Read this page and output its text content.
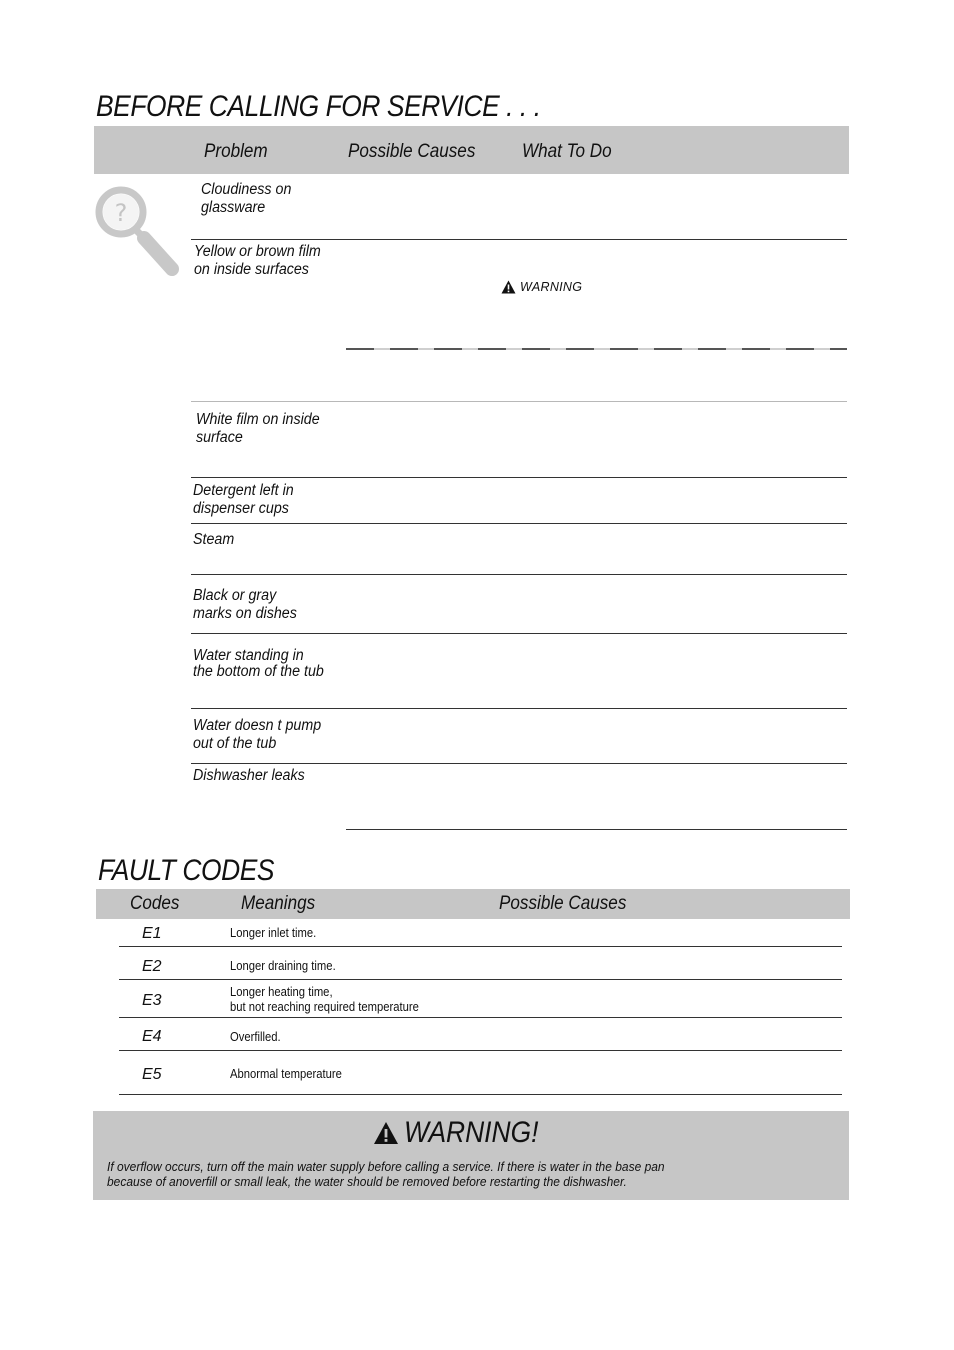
BEFORE CALLING FOR SERVICE . . .
Problem	Possible Causes What To Do
?
Cloudiness on
glassware
Yellow or brown film
on inside surfaces
WARNING
White film on inside
surface
Detergent left in
dispenser cups
Steam
Black or gray
marks on dishes
Water standing in
the bottom of the tub
Water doesn t pump
out of the tub
Dishwasher leaks
FAULT CODES
Codes	Meanings	Possible Causes
E1	Longer inlet time.
E2	Longer draining time.
E3	Longer heating time,
but not reaching required temperature
E4	Overfilled.
E5	Abnormal temperature
WARNING!
If overflow occurs, turn off the main water supply before calling a service. If there is water in the base pan
because of anoverfill or small leak, the water should be removed before restarting the dishwasher.
